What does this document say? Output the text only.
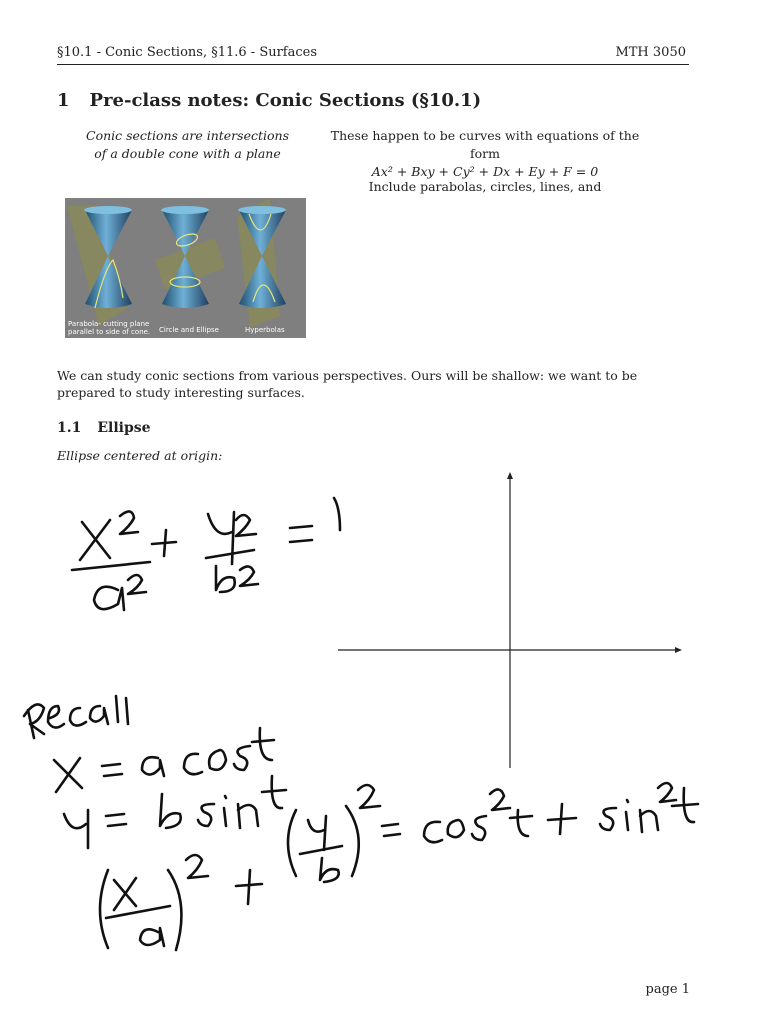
§10.1 - Conic Sections, §11.6 - Surfaces	MTH 3050
1 Pre-class notes: Conic Sections (§10.1)
Conic sections are intersections
of a double cone with a plane
These happen to be curves with equations of the form
Ax² + Bxy + Cy² + Dx + Ey + F = 0
Include parabolas, circles, lines, and
Parabola- cutting plane parallel to side of cone.	Circle and Ellipse	Hyperbolas
We can study conic sections from various perspectives. Ours will be shallow: we want to be prepared to study interesting surfaces.
1.1 Ellipse
Ellipse centered at origin:
page 1
